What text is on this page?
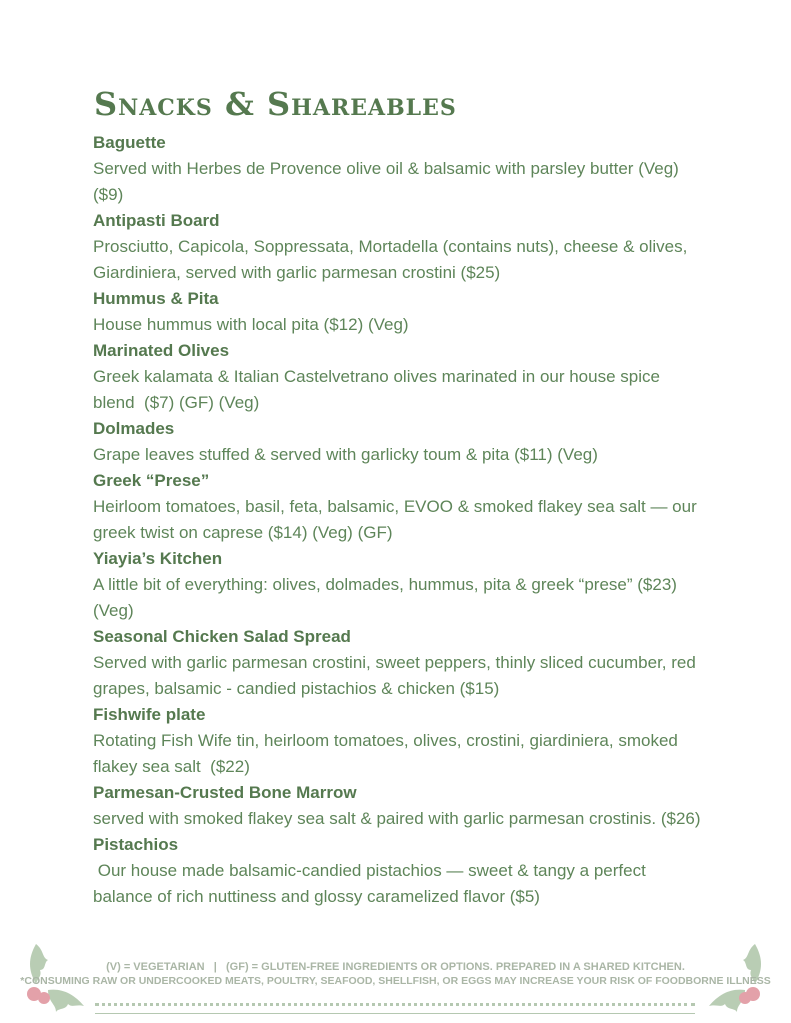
Snacks & Shareables

Baguette

Served with Herbes de Provence olive oil & balsamic with parsley butter (Veg) ($9)

Antipasti Board

Prosciutto, Capicola, Soppressata, Mortadella (contains nuts), cheese & olives, Giardiniera, served with garlic parmesan crostini ($25)

Hummus & Pita

House hummus with local pita ($12) (Veg)

Marinated Olives

Greek kalamata & Italian Castelvetrano olives marinated in our house spice blend  ($7) (GF) (Veg)

Dolmades

Grape leaves stuffed & served with garlicky toum & pita ($11) (Veg)

Greek “Prese”

Heirloom tomatoes, basil, feta, balsamic, EVOO & smoked flakey sea salt — our greek twist on caprese ($14) (Veg) (GF)

Yiayia’s Kitchen

A little bit of everything: olives, dolmades, hummus, pita & greek “prese” ($23) (Veg)

Seasonal Chicken Salad Spread

Served with garlic parmesan crostini, sweet peppers, thinly sliced cucumber, red grapes, balsamic - candied pistachios & chicken ($15)

Fishwife plate

Rotating Fish Wife tin, heirloom tomatoes, olives, crostini, giardiniera, smoked flakey sea salt  ($22)

Parmesan-Crusted Bone Marrow

served with smoked flakey sea salt & paired with garlic parmesan crostinis. ($26)

Pistachios

Our house made balsamic-candied pistachios — sweet & tangy a perfect balance of rich nuttiness and glossy caramelized flavor ($5)

(V) = VEGETARIAN   |   (GF) = GLUTEN-FREE INGREDIENTS OR OPTIONS. PREPARED IN A SHARED KITCHEN.
*CONSUMING RAW OR UNDERCOOKED MEATS, POULTRY, SEAFOOD, SHELLFISH, OR EGGS MAY INCREASE YOUR RISK OF FOODBORNE ILLNESS
